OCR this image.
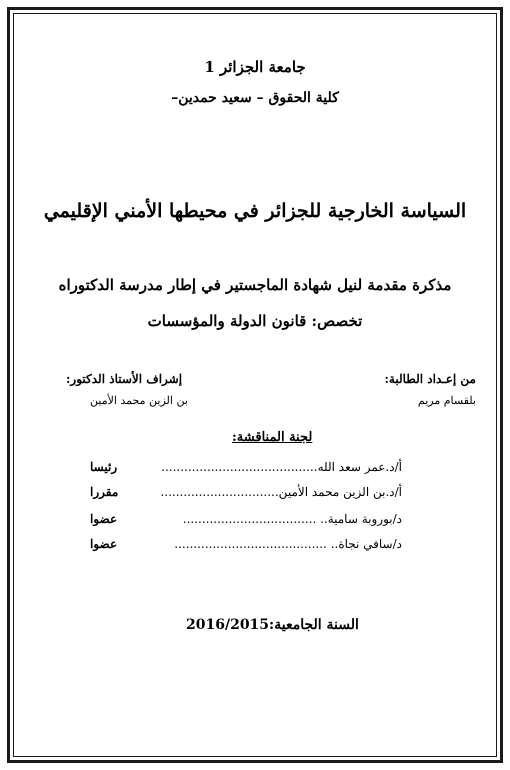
جامعة الجزائر 1
كلية الحقوق – سعيد حمدين–
السياسة الخارجية للجزائر في محيطها الأمني الإقليمي
مذكرة مقدمة لنيل شهادة الماجستير في إطار مدرسة الدكتوراه
تخصص: قانون الدولة والمؤسسات
من إعـداد الطالبة:
بلقسام مريم
إشراف الأستاذ الدكتور:
بن الزين محمد الأمين
لجنة المناقشة:
أ/د.عمر سعد الله.........................................
رئيسا
أ/د.بن الزين محمد الأمين...............................
مقررا
د/بوروبة سامية.. ...................................
عضوا
د/سافي نجاة.. ........................................
عضوا
السنة الجامعية:2016/2015
